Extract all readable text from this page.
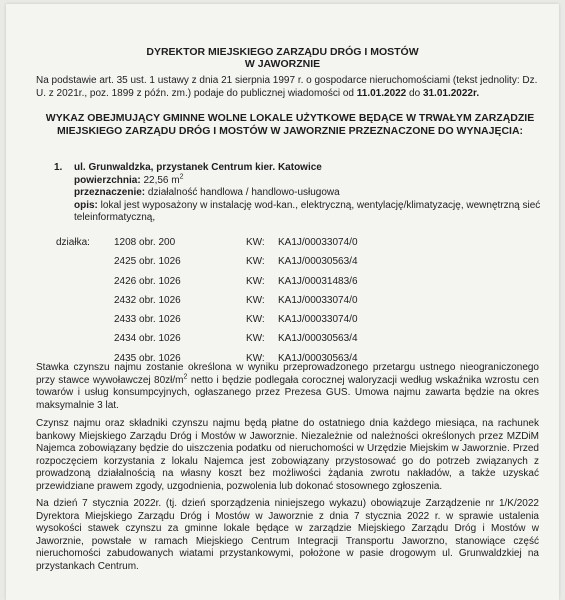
DYREKTOR MIEJSKIEGO ZARZĄDU DRÓG I MOSTÓW
W JAWORZNIE
Na podstawie art. 35 ust. 1 ustawy z dnia 21 sierpnia 1997 r. o gospodarce nieruchomościami (tekst jednolity: Dz. U. z 2021r., poz. 1899 z późn. zm.) podaje do publicznej wiadomości od 11.01.2022 do 31.01.2022r.
WYKAZ OBEJMUJĄCY GMINNE WOLNE LOKALE UŻYTKOWE BĘDĄCE W TRWAŁYM ZARZĄDZIE
MIEJSKIEGO ZARZĄDU DRÓG I MOSTÓW W JAWORZNIE PRZEZNACZONE DO WYNAJĘCIA:
1. ul. Grunwaldzka, przystanek Centrum kier. Katowice
powierzchnia: 22,56 $m^2$
przeznaczenie: działalność handlowa / handlowo-usługowa
opis: lokal jest wyposażony w instalację wod-kan., elektryczną, wentylację/klimatyzację, wewnętrzną sieć teleinformatyczną,
działka: 1208 obr. 200	KW: KA1J/00033074/0
2425 obr. 1026	KW: KA1J/00030563/4
2426 obr. 1026	KW: KA1J/00031483/6
2432 obr. 1026	KW: KA1J/00033074/0
2433 obr. 1026	KW: KA1J/00033074/0
2434 obr. 1026	KW: KA1J/00030563/4
2435 obr. 1026	KW: KA1J/00030563/4
Stawka czynszu najmu zostanie określona w wyniku przeprowadzonego przetargu ustnego nieograniczonego przy stawce wywoławczej $80zł/m^2$ netto i będzie podlegała corocznej waloryzacji według wskaźnika wzrostu cen towarów i usług konsumpcyjnych, ogłaszanego przez Prezesa GUS. Umowa najmu zawarta będzie na okres maksymalnie 3 lat.
Czynsz najmu oraz składniki czynszu najmu będą płatne do ostatniego dnia każdego miesiąca, na rachunek bankowy Miejskiego Zarządu Dróg i Mostów w Jaworznie. Niezależnie od należności określonych przez MZDiM Najemca zobowiązany będzie do uiszczenia podatku od nieruchomości w Urzędzie Miejskim w Jaworznie. Przed rozpoczęciem korzystania z lokalu Najemca jest zobowiązany przystosować go do potrzeb związanych z prowadzoną działalnością na własny koszt bez możliwości żądania zwrotu nakładów, a także uzyskać przewidziane prawem zgody, uzgodnienia, pozwolenia lub dokonać stosownego zgłoszenia.
Na dzień 7 stycznia 2022r. (tj. dzień sporządzenia niniejszego wykazu) obowiązuje Zarządzenie nr 1/K/2022 Dyrektora Miejskiego Zarządu Dróg i Mostów w Jaworznie z dnia 7 stycznia 2022 r. w sprawie ustalenia wysokości stawek czynszu za gminne lokale będące w zarządzie Miejskiego Zarządu Dróg i Mostów w Jaworznie, powstałe w ramach Miejskiego Centrum Integracji Transportu Jaworzno, stanowiące część nieruchomości zabudowanych wiatami przystankowymi, położone w pasie drogowym ul. Grunwaldzkiej na przystankach Centrum.
